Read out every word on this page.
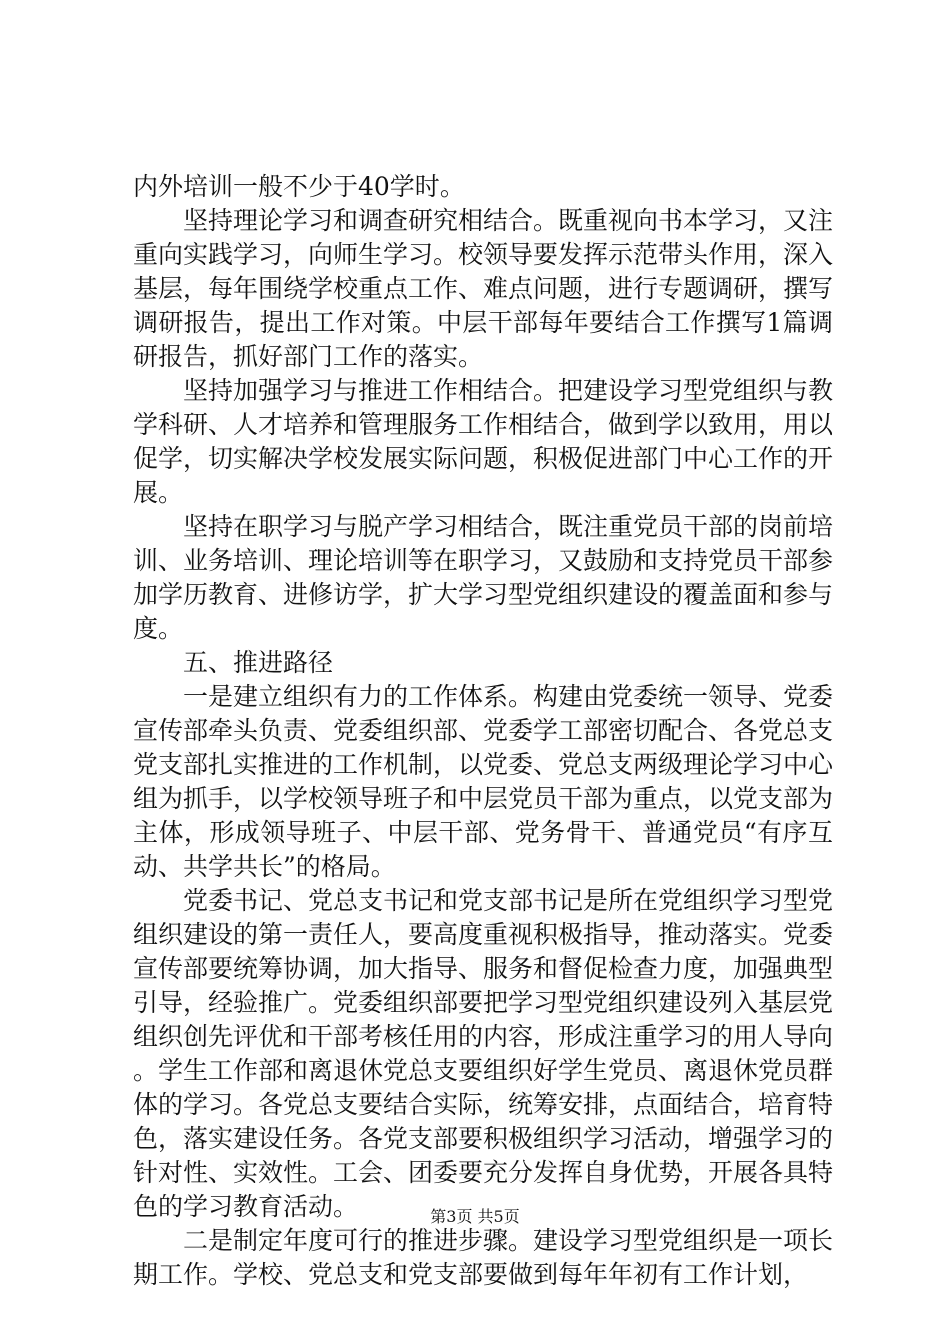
内外培训一般不少于40学时。

坚持理论学习和调查研究相结合。既重视向书本学习，又注重向实践学习，向师生学习。校领导要发挥示范带头作用，深入基层，每年围绕学校重点工作、难点问题，进行专题调研，撰写调研报告，提出工作对策。中层干部每年要结合工作撰写1篇调研报告，抓好部门工作的落实。

坚持加强学习与推进工作相结合。把建设学习型党组织与教学科研、人才培养和管理服务工作相结合，做到学以致用，用以促学，切实解决学校发展实际问题，积极促进部门中心工作的开展。

坚持在职学习与脱产学习相结合，既注重党员干部的岗前培训、业务培训、理论培训等在职学习，又鼓励和支持党员干部参加学历教育、进修访学，扩大学习型党组织建设的覆盖面和参与度。

五、推进路径

一是建立组织有力的工作体系。构建由党委统一领导、党委宣传部牵头负责、党委组织部、党委学工部密切配合、各党总支党支部扎实推进的工作机制，以党委、党总支两级理论学习中心组为抓手，以学校领导班子和中层党员干部为重点，以党支部为主体，形成领导班子、中层干部、党务骨干、普通党员“有序互动、共学共长”的格局。

党委书记、党总支书记和党支部书记是所在党组织学习型党组织建设的第一责任人，要高度重视积极指导，推动落实。党委宣传部要统筹协调，加大指导、服务和督促检查力度，加强典型引导，经验推广。党委组织部要把学习型党组织建设列入基层党组织创先评优和干部考核任用的内容，形成注重学习的用人导向。学生工作部和离退休党总支要组织好学生党员、离退休党员群体的学习。各党总支要结合实际，统筹安排，点面结合，培育特色，落实建设任务。各党支部要积极组织学习活动，增强学习的针对性、实效性。工会、团委要充分发挥自身优势，开展各具特色的学习教育活动。

二是制定年度可行的推进步骤。建设学习型党组织是一项长期工作。学校、党总支和党支部要做到每年年初有工作计划，

第3页 共5页
